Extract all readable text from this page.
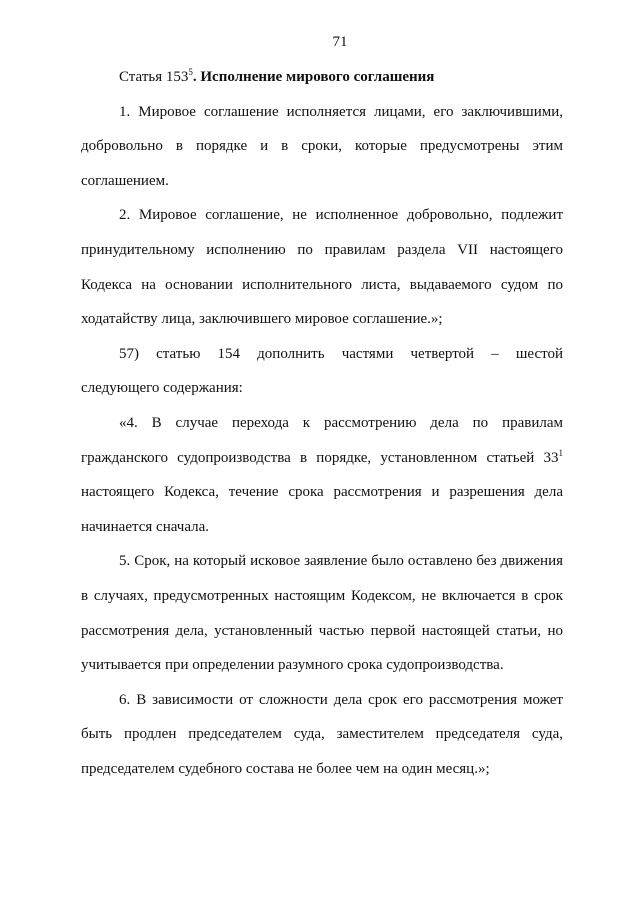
71
Статья $153^5$. Исполнение мирового соглашения
1. Мировое соглашение исполняется лицами, его заключившими,
добровольно в порядке и в сроки, которые предусмотрены этим
соглашением.
2. Мировое соглашение, не исполненное добровольно, подлежит
принудительному исполнению по правилам раздела VII настоящего
Кодекса на основании исполнительного листа, выдаваемого судом по
ходатайству лица, заключившего мировое соглашение.»;
57) статью 154 дополнить частями четвертой – шестой
следующего содержания:
«4. В случае перехода к рассмотрению дела по правилам
гражданского судопроизводства в порядке, установленном статьей $33^1$
настоящего Кодекса, течение срока рассмотрения и разрешения дела
начинается сначала.
5. Срок, на который исковое заявление было оставлено без движения
в случаях, предусмотренных настоящим Кодексом, не включается в срок
рассмотрения дела, установленный частью первой настоящей статьи, но
учитывается при определении разумного срока судопроизводства.
6. В зависимости от сложности дела срок его рассмотрения может
быть продлен председателем суда, заместителем председателя суда,
председателем судебного состава не более чем на один месяц.»;
